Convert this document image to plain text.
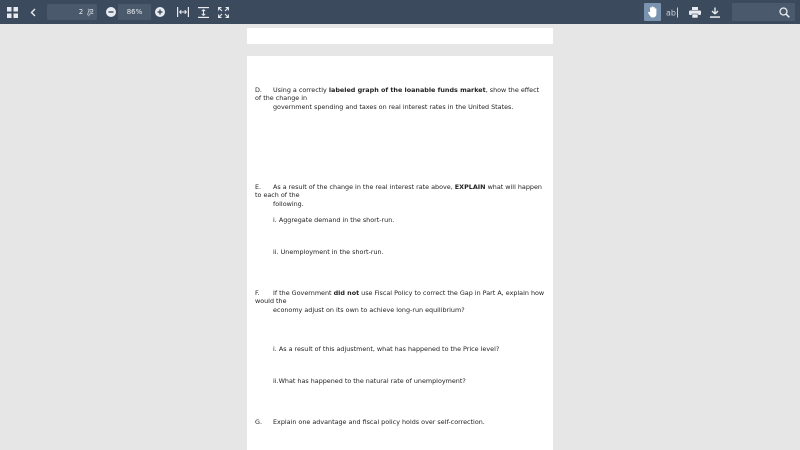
2 /2	86%	ab
D. Using a correctly labeled graph of the loanable funds market, show the effect of the change in
government spending and taxes on real interest rates in the United States.
E. As a result of the change in the real interest rate above, EXPLAIN what will happen to each of the
following.
i. Aggregate demand in the short-run.
ii. Unemployment in the short-run.
F. If the Government did not use Fiscal Policy to correct the Gap in Part A, explain how would the
economy adjust on its own to achieve long-run equilibrium?
i. As a result of this adjustment, what has happened to the Price level?
ii.What has happened to the natural rate of unemployment?
G. Explain one advantage and fiscal policy holds over self-correction.
